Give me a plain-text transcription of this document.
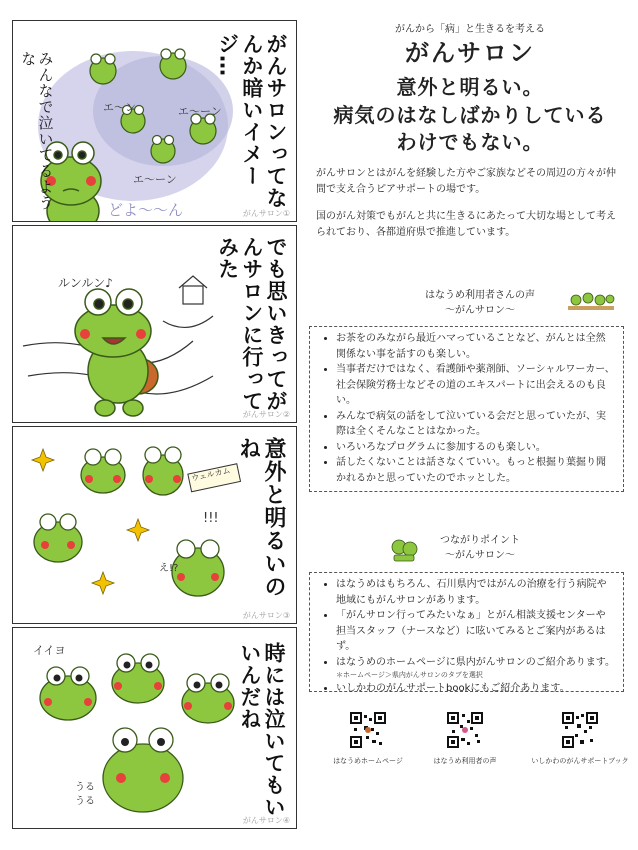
がんサロンってなんか暗いイメージ…
みんなで泣いてるような
エ〜ン	エ〜ーン
エ〜ーン
どよ〜〜ん	がんサロン①
でも思いきってがんサロンに行ってみた
ルンルン♪
がんサロン②
意外と明るいのね
ウェルカム
!!!
え!?
がんサロン③
時には泣いてもいいんだね
イイヨ
うる
うる
がんサロン④
がんから「病」と生きるを考える
がんサロン
意外と明るい。
病気のはなしばかりしている
わけでもない。

がんサロンとはがんを経験した方やご家族などその周辺の方々が仲間で支え合うピアサポートの場です。

国のがん対策でもがんと共に生きるにあたって大切な場として考えられており、各都道府県で推進しています。

はなうめ利用者さんの声
〜がんサロン〜
• お茶をのみながら最近ハマっていることなど、がんとは全然関係ない事を話すのも楽しい。
• 当事者だけではなく、看護師や薬剤師、ソーシャルワーカー、社会保険労務士などその道のエキスパートに出会えるのも良い。
• みんなで病気の話をして泣いている会だと思っていたが、実際は全くそんなことはなかった。
• いろいろなプログラムに参加するのも楽しい。
• 話したくないことは話さなくていい。もっと根掘り葉掘り聞かれるかと思っていたのでホッとした。
つながりポイント
〜がんサロン〜
• はなうめはもちろん、石川県内ではがんの治療を行う病院や地域にもがんサロンがあります。
• 「がんサロン行ってみたいなぁ」とがん相談支援センターや担当スタッフ（ナースなど）に呟いてみるとご案内があるはず。
• はなうめのホームページに県内がんサロンのご紹介あります。
＊ホームページ＞県内がんサロンのタブを選択
• いしかわのがんサポートbookにもご紹介あります。
はなうめホームページ	はなうめ利用者の声	いしかわのがんサポートブック
